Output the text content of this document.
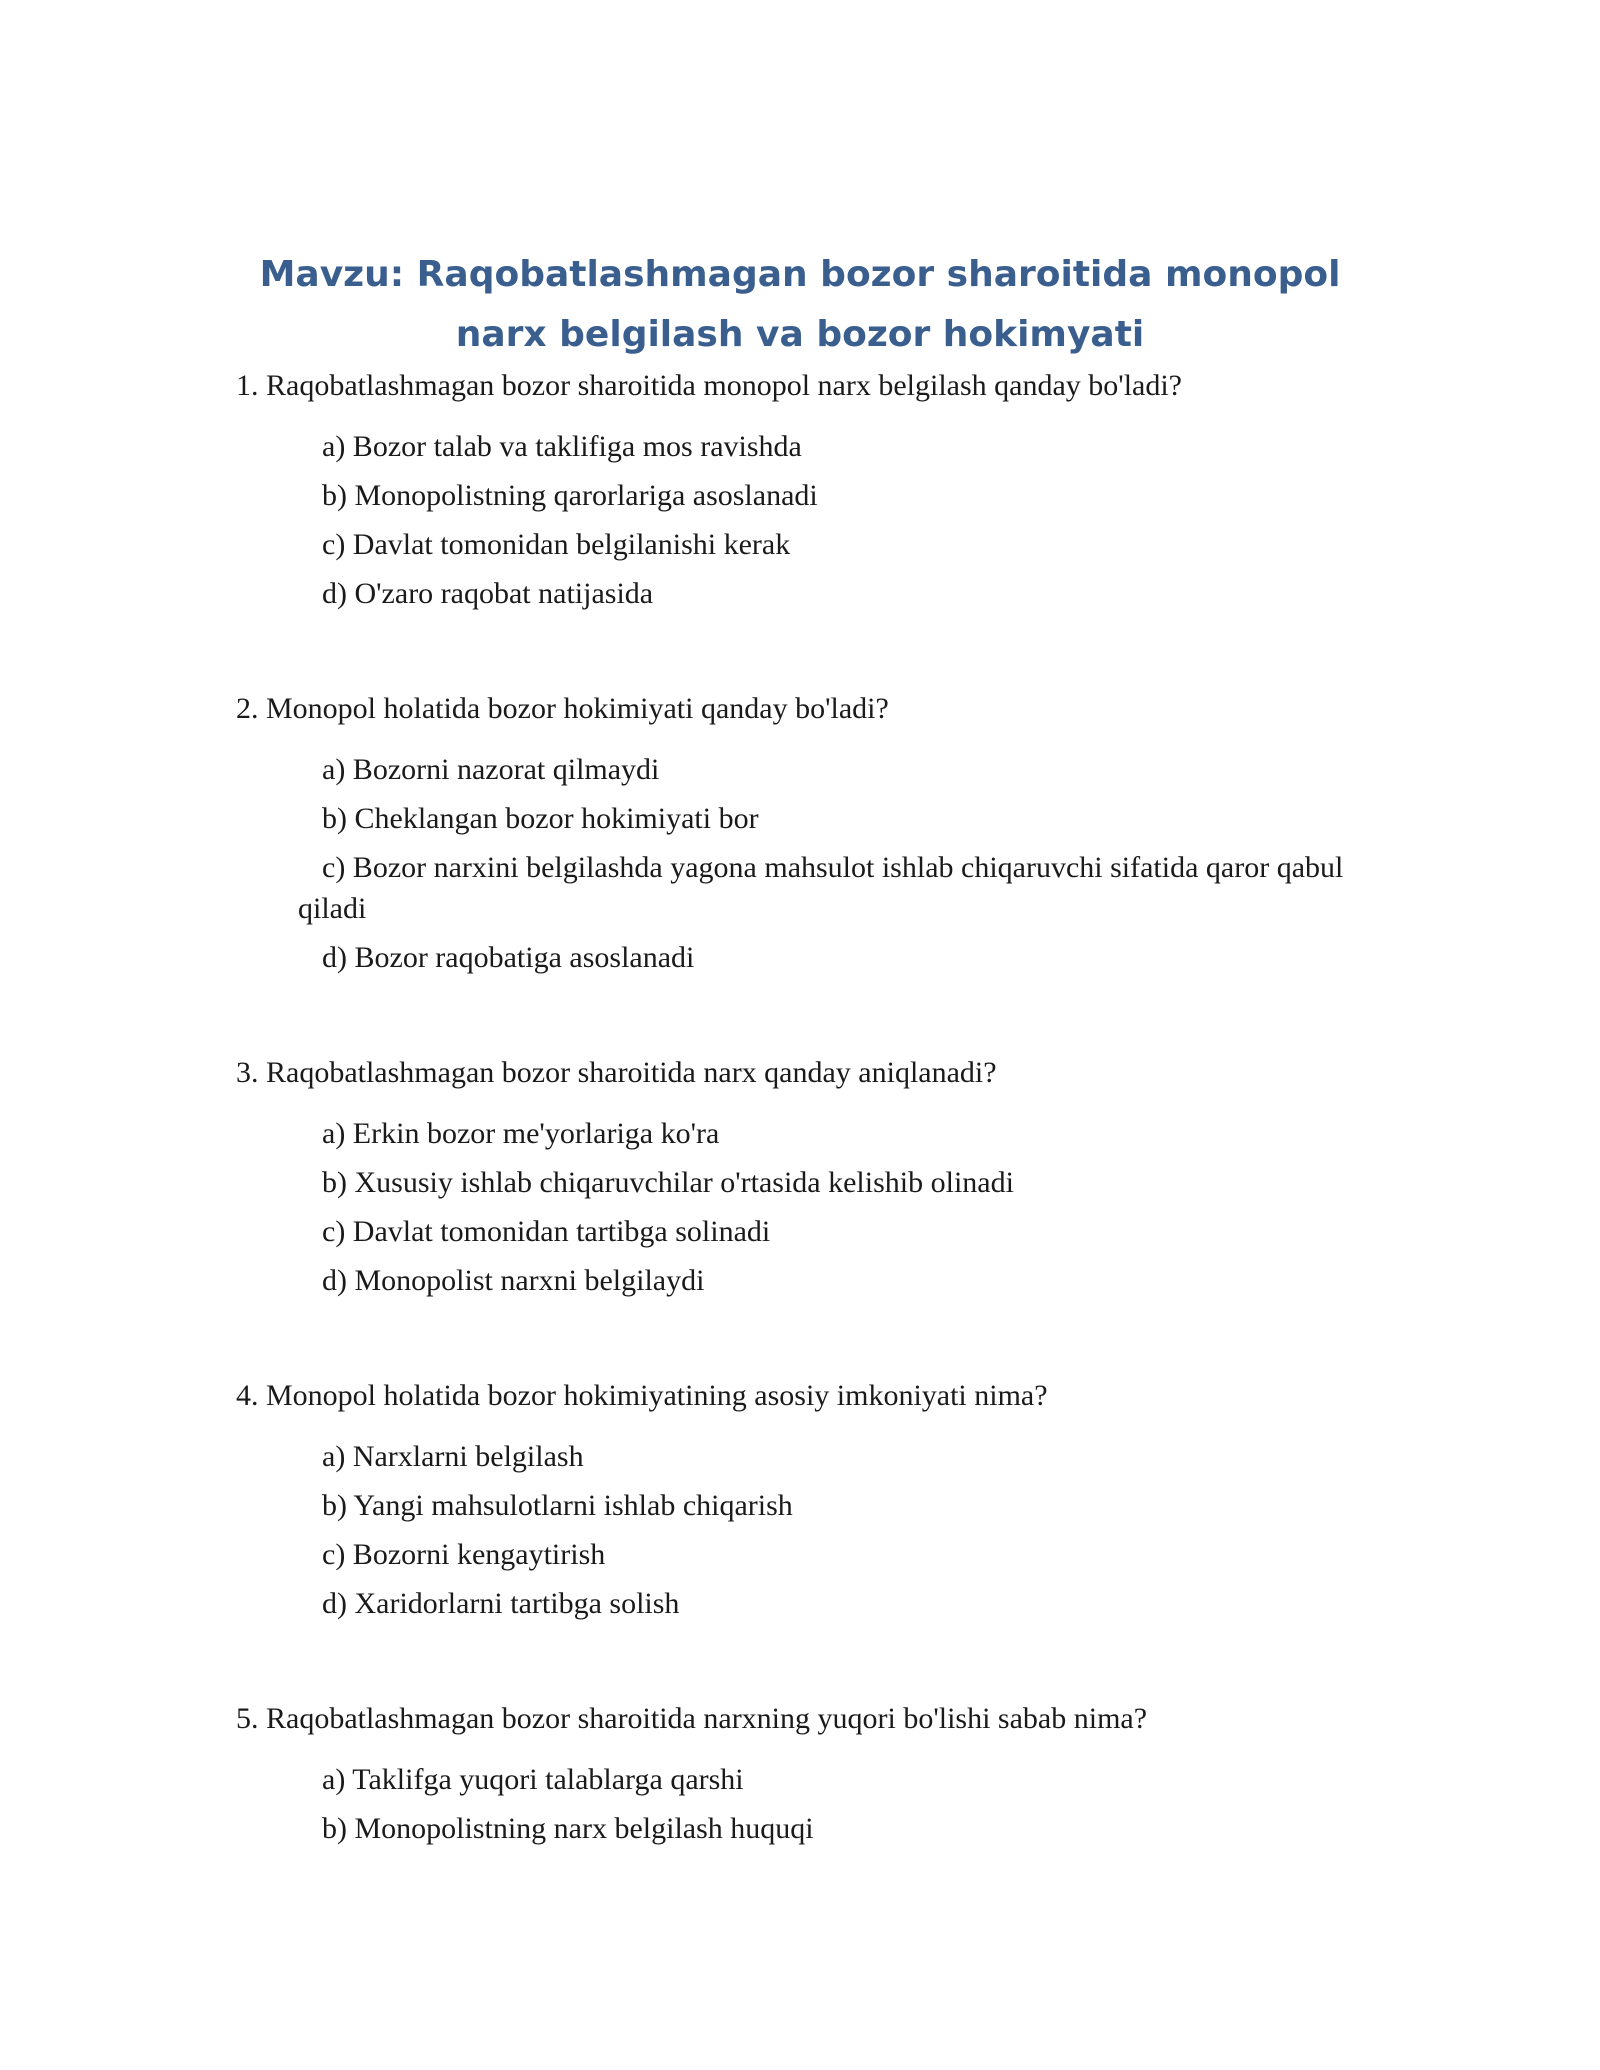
Mavzu: Raqobatlashmagan bozor sharoitida monopol narx belgilash va bozor hokimyati

1. Raqobatlashmagan bozor sharoitida monopol narx belgilash qanday bo'ladi?

a) Bozor talab va taklifiga mos ravishda
b) Monopolistning qarorlariga asoslanadi
c) Davlat tomonidan belgilanishi kerak
d) O'zaro raqobat natijasida

2. Monopol holatida bozor hokimiyati qanday bo'ladi?

a) Bozorni nazorat qilmaydi
b) Cheklangan bozor hokimiyati bor
c) Bozor narxini belgilashda yagona mahsulot ishlab chiqaruvchi sifatida qaror qabul qiladi
d) Bozor raqobatiga asoslanadi

3. Raqobatlashmagan bozor sharoitida narx qanday aniqlanadi?

a) Erkin bozor me'yorlariga ko'ra
b) Xususiy ishlab chiqaruvchilar o'rtasida kelishib olinadi
c) Davlat tomonidan tartibga solinadi
d) Monopolist narxni belgilaydi

4. Monopol holatida bozor hokimiyatining asosiy imkoniyati nima?

a) Narxlarni belgilash
b) Yangi mahsulotlarni ishlab chiqarish
c) Bozorni kengaytirish
d) Xaridorlarni tartibga solish

5. Raqobatlashmagan bozor sharoitida narxning yuqori bo'lishi sabab nima?

a) Taklifga yuqori talablarga qarshi
b) Monopolistning narx belgilash huquqi
